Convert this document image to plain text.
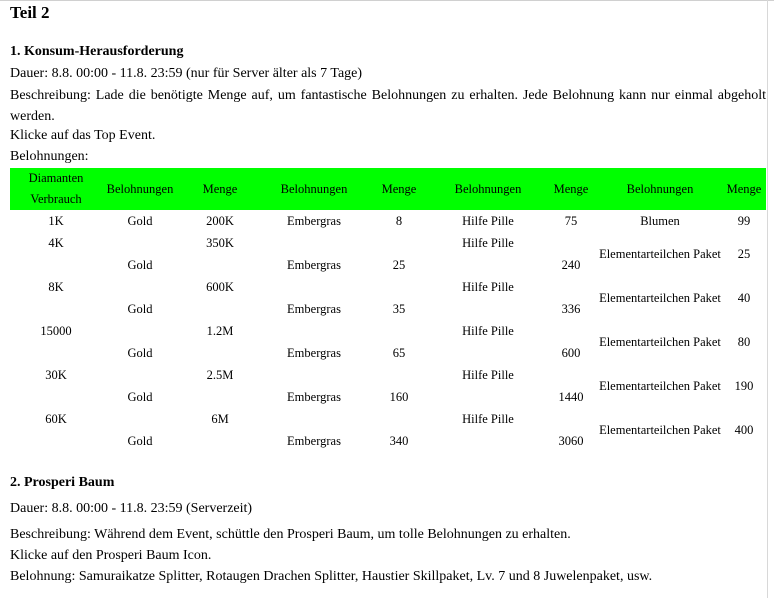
Teil 2
1. Konsum-Herausforderung
Dauer: 8.8. 00:00 - 11.8. 23:59 (nur für Server älter als 7 Tage)
Beschreibung: Lade die benötigte Menge auf, um fantastische Belohnungen zu erhalten. Jede Belohnung kann nur einmal abgeholt werden.
Klicke auf das Top Event.
Belohnungen:
Diamanten Verbrauch	Belohnungen	Menge	Belohnungen	Menge	Belohnungen	Menge	Belohnungen	Menge
1K	Gold	200K	Embergras	8	Hilfe Pille	75	Blumen	99
4K	Gold	350K	Embergras	25	Hilfe Pille	240	Elementarteilchen Paket	25
8K	Gold	600K	Embergras	35	Hilfe Pille	336	Elementarteilchen Paket	40
15000	Gold	1.2M	Embergras	65	Hilfe Pille	600	Elementarteilchen Paket	80
30K	Gold	2.5M	Embergras	160	Hilfe Pille	1440	Elementarteilchen Paket	190
60K	Gold	6M	Embergras	340	Hilfe Pille	3060	Elementarteilchen Paket	400
2. Prosperi Baum
Dauer: 8.8. 00:00 - 11.8. 23:59 (Serverzeit)
Beschreibung: Während dem Event, schüttle den Prosperi Baum, um tolle Belohnungen zu erhalten.
Klicke auf den Prosperi Baum Icon.
Belohnung: Samuraikatze Splitter, Rotaugen Drachen Splitter, Haustier Skillpaket, Lv. 7 und 8 Juwelenpaket, usw.
